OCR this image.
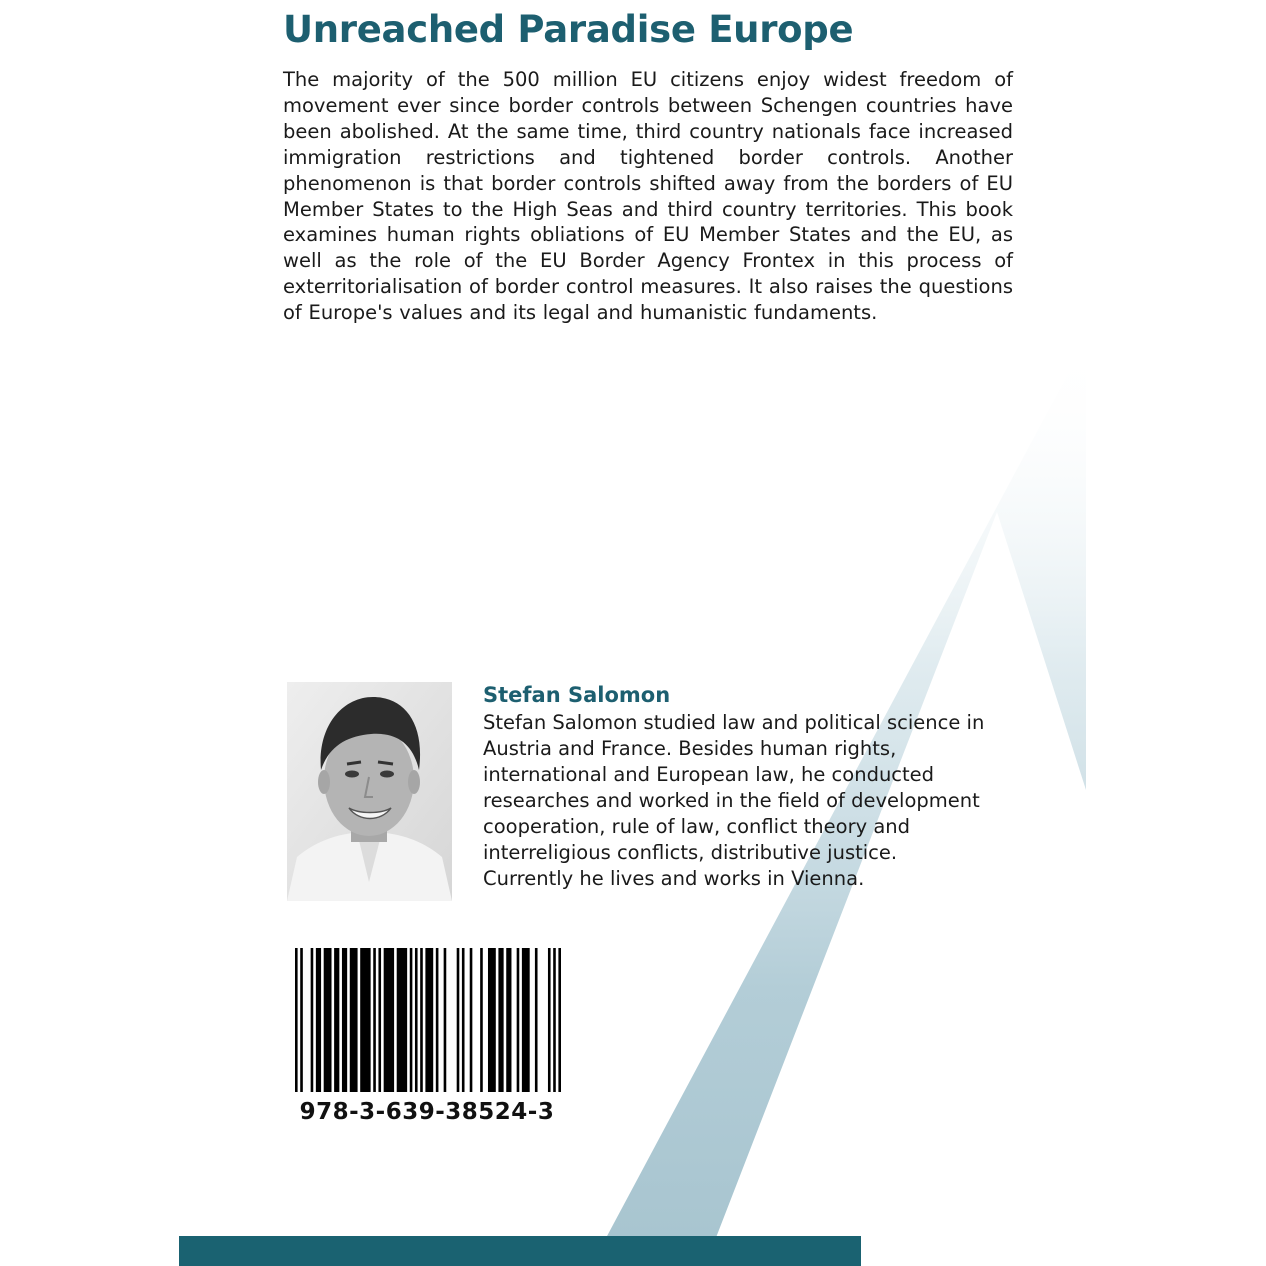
Unreached Paradise Europe

The majority of the 500 million EU citizens enjoy widest freedom of movement ever since border controls between Schengen countries have been abolished. At the same time, third country nationals face increased immigration restrictions and tightened border controls. Another phenomenon is that border controls shifted away from the borders of EU Member States to the High Seas and third country territories. This book examines human rights obliations of EU Member States and the EU, as well as the role of the EU Border Agency Frontex in this process of exterritorialisation of border control measures. It also raises the questions of Europe's values and its legal and humanistic fundaments.

Stefan Salomon

Stefan Salomon studied law and political science in
Austria and France. Besides human rights,
international and European law, he conducted
researches and worked in the field of development
cooperation, rule of law, conflict theory and
interreligious conflicts, distributive justice.
Currently he lives and works in Vienna.

978-3-639-38524-3
